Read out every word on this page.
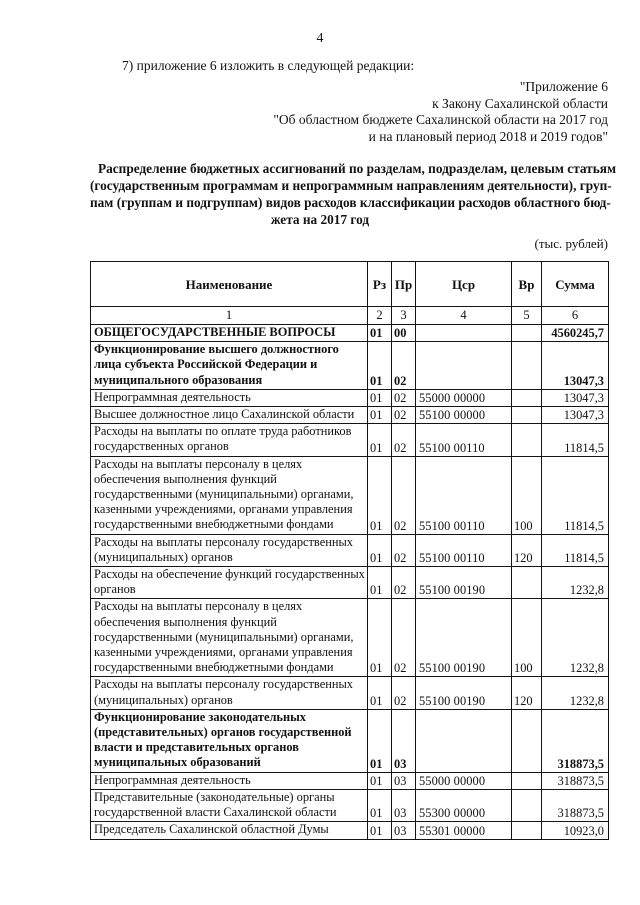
4
7) приложение 6 изложить в следующей редакции:
"Приложение 6
к Закону Сахалинской области
"Об областном бюджете Сахалинской области на 2017 год
и на плановый период 2018 и 2019 годов"
Распределение бюджетных ассигнований по разделам, подразделам, целевым статьям
(государственным программам и непрограммным направлениям деятельности), груп-
пам (группам и подгруппам) видов расходов классификации расходов областного бюд-
жета на 2017 год
(тыс. рублей)
Наименование	Рз	Пр	Цср	Вр	Сумма
1	2	3	4	5	6

ОБЩЕГОСУДАРСТВЕННЫЕ ВОПРОСЫ	01	00			4560245,7

Функционирование высшего должностного лица субъекта Российской Федерации и муниципального образования	01	02			13047,3

Непрограммная деятельность	01	02	55000 00000		13047,3

Высшее должностное лицо Сахалинской области	01	02	55100 00000		13047,3

Расходы на выплаты по оплате труда работников государственных органов	01	02	55100 00110		11814,5

Расходы на выплаты персоналу в целях обеспечения выполнения функций государственными (муниципальными) органами, казенными учреждениями, органами управления государственными внебюджетными фондами	01	02	55100 00110	100	11814,5

Расходы на выплаты персоналу государственных (муниципальных) органов	01	02	55100 00110	120	11814,5

Расходы на обеспечение функций государственных органов	01	02	55100 00190		1232,8

Расходы на выплаты персоналу в целях обеспечения выполнения функций государственными (муниципальными) органами, казенными учреждениями, органами управления государственными внебюджетными фондами	01	02	55100 00190	100	1232,8

Расходы на выплаты персоналу государственных (муниципальных) органов	01	02	55100 00190	120	1232,8

Функционирование законодательных (представительных) органов государственной власти и представительных органов муниципальных образований	01	03			318873,5

Непрограммная деятельность	01	03	55000 00000		318873,5

Представительные (законодательные) органы государственной власти Сахалинской области	01	03	55300 00000		318873,5

Председатель Сахалинской областной Думы	01	03	55301 00000		10923,0
